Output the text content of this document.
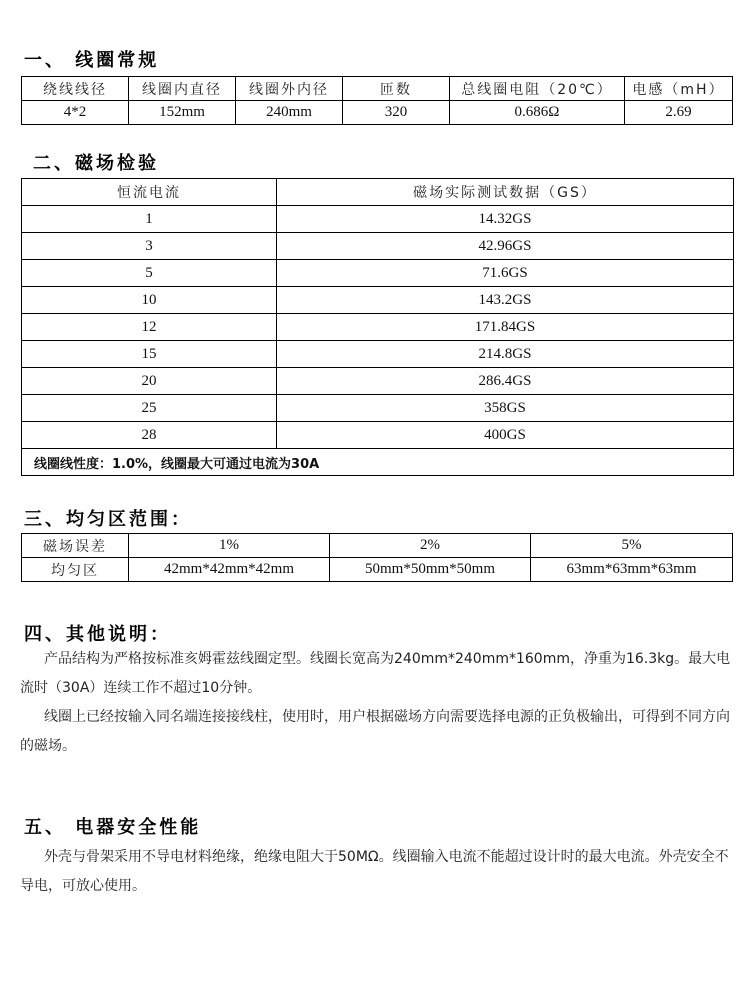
一、 线圈常规
绕线线径	线圈内直径	线圈外内径	匝数	总线圈电阻（20℃）	电感（mH）
4*2	152mm	240mm	320	0.686Ω	2.69
二、磁场检验
恒流电流	磁场实际测试数据（GS）
1	14.32GS
3	42.96GS
5	71.6GS
10	143.2GS
12	171.84GS
15	214.8GS
20	286.4GS
25	358GS
28	400GS
线圈线性度：1.0%，线圈最大可通过电流为30A	
三、均匀区范围：
磁场误差	1%	2%	5%
均匀区	42mm*42mm*42mm	50mm*50mm*50mm	63mm*63mm*63mm
四、其他说明：

产品结构为严格按标准亥姆霍兹线圈定型。线圈长宽高为240mm*240mm*160mm，净重为16.3kg。最大电流时（30A）连续工作不超过10分钟。

线圈上已经按输入同名端连接接线柱，使用时，用户根据磁场方向需要选择电源的正负极输出，可得到不同方向的磁场。

五、 电器安全性能

外壳与骨架采用不导电材料绝缘，绝缘电阻大于50MΩ。线圈输入电流不能超过设计时的最大电流。外壳安全不导电，可放心使用。
